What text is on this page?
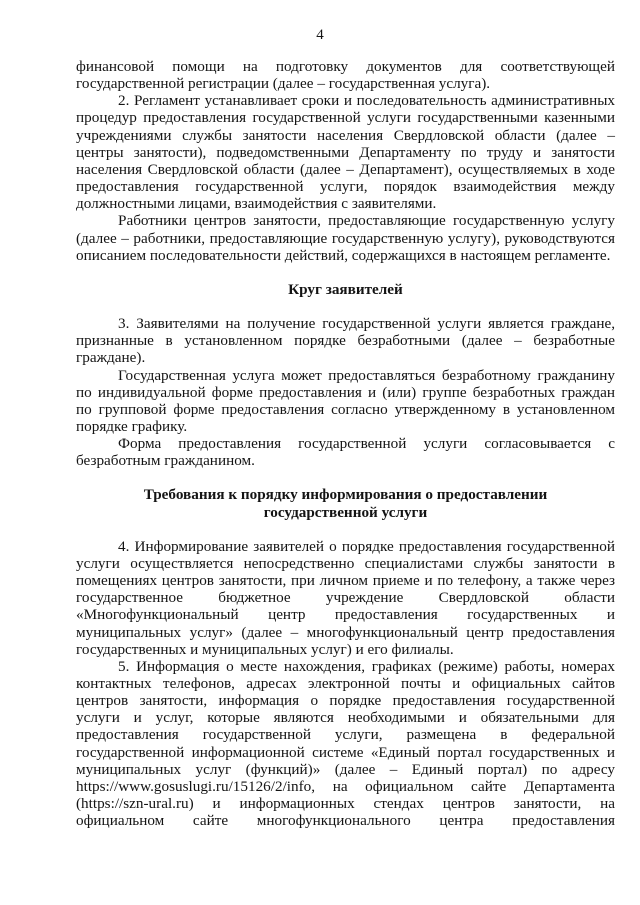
4

финансовой помощи на подготовку документов для соответствующей государственной регистрации (далее – государственная услуга).

2. Регламент устанавливает сроки и последовательность административных процедур предоставления государственной услуги государственными казенными учреждениями службы занятости населения Свердловской области (далее – центры занятости), подведомственными Департаменту по труду и занятости населения Свердловской области (далее – Департамент), осуществляемых в ходе предоставления государственной услуги, порядок взаимодействия между должностными лицами, взаимодействия с заявителями.

Работники центров занятости, предоставляющие государственную услугу (далее – работники, предоставляющие государственную услугу), руководствуются описанием последовательности действий, содержащихся в настоящем регламенте.

Круг заявителей

3. Заявителями на получение государственной услуги является граждане, признанные в установленном порядке безработными (далее – безработные граждане).

Государственная услуга может предоставляться безработному гражданину по индивидуальной форме предоставления и (или) группе безработных граждан по групповой форме предоставления согласно утвержденному в установленном порядке графику.

Форма предоставления государственной услуги согласовывается с безработным гражданином.

Требования к порядку информирования о предоставлении
государственной услуги

4. Информирование заявителей о порядке предоставления государственной услуги осуществляется непосредственно специалистами службы занятости в помещениях центров занятости, при личном приеме и по телефону, а также через государственное бюджетное учреждение Свердловской области «Многофункциональный центр предоставления государственных и муниципальных услуг» (далее – многофункциональный центр предоставления государственных и муниципальных услуг) и его филиалы.

5. Информация о месте нахождения, графиках (режиме) работы, номерах контактных телефонов, адресах электронной почты и официальных сайтов центров занятости, информация о порядке предоставления государственной услуги и услуг, которые являются необходимыми и обязательными для предоставления государственной услуги, размещена в федеральной государственной информационной системе «Единый портал государственных и муниципальных услуг (функций)» (далее – Единый портал) по адресу https://www.gosuslugi.ru/15126/2/info, на официальном сайте Департамента (https://szn-ural.ru) и информационных стендах центров занятости, на официальном сайте многофункционального центра предоставления
